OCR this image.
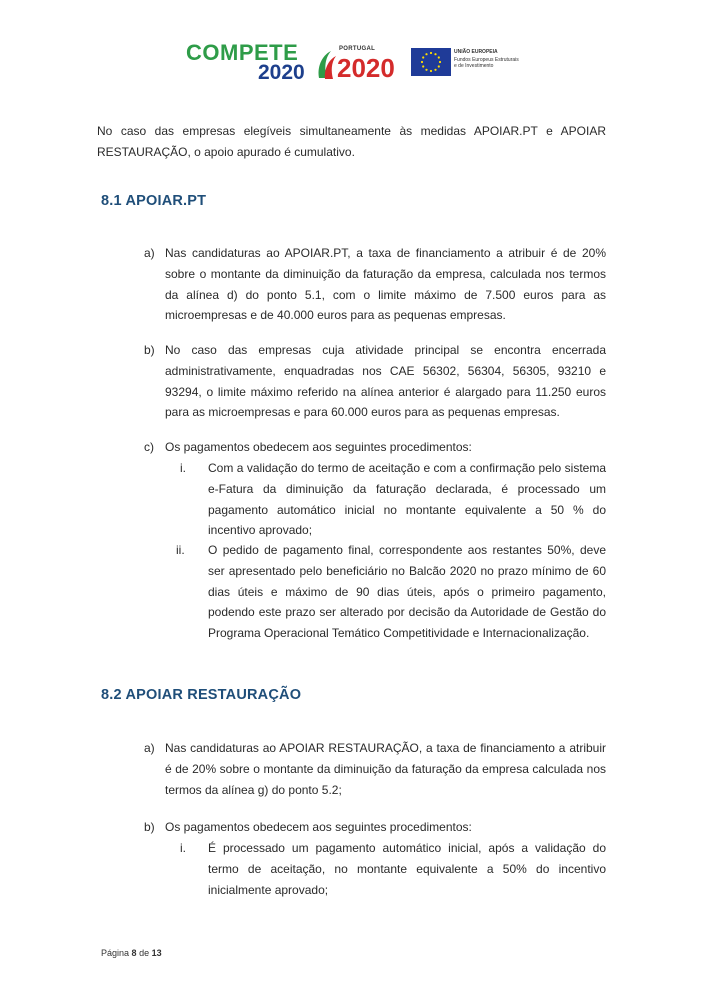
COMPETE
2020
PORTUGAL
2020
UNIÃO EUROPEIA
Fundos Europeus Estruturais
e de Investimento
No caso das empresas elegíveis simultaneamente às medidas APOIAR.PT e APOIAR RESTAURAÇÃO, o apoio apurado é cumulativo.
8.1 APOIAR.PT
a) Nas candidaturas ao APOIAR.PT, a taxa de financiamento a atribuir é de 20% sobre o montante da diminuição da faturação da empresa, calculada nos termos da alínea d) do ponto 5.1, com o limite máximo de 7.500 euros para as microempresas e de 40.000 euros para as pequenas empresas.
b) No caso das empresas cuja atividade principal se encontra encerrada administrativamente, enquadradas nos CAE 56302, 56304, 56305, 93210 e 93294, o limite máximo referido na alínea anterior é alargado para 11.250 euros para as microempresas e para 60.000 euros para as pequenas empresas.
c) Os pagamentos obedecem aos seguintes procedimentos:
i. Com a validação do termo de aceitação e com a confirmação pelo sistema e-Fatura da diminuição da faturação declarada, é processado um pagamento automático inicial no montante equivalente a 50 % do incentivo aprovado;
ii. O pedido de pagamento final, correspondente aos restantes 50%, deve ser apresentado pelo beneficiário no Balcão 2020 no prazo mínimo de 60 dias úteis e máximo de 90 dias úteis, após o primeiro pagamento, podendo este prazo ser alterado por decisão da Autoridade de Gestão do Programa Operacional Temático Competitividade e Internacionalização.
8.2 APOIAR RESTAURAÇÃO
a) Nas candidaturas ao APOIAR RESTAURAÇÃO, a taxa de financiamento a atribuir é de 20% sobre o montante da diminuição da faturação da empresa calculada nos termos da alínea g) do ponto 5.2;
b) Os pagamentos obedecem aos seguintes procedimentos:
i. É processado um pagamento automático inicial, após a validação do termo de aceitação, no montante equivalente a 50% do incentivo inicialmente aprovado;
Página 8 de 13
